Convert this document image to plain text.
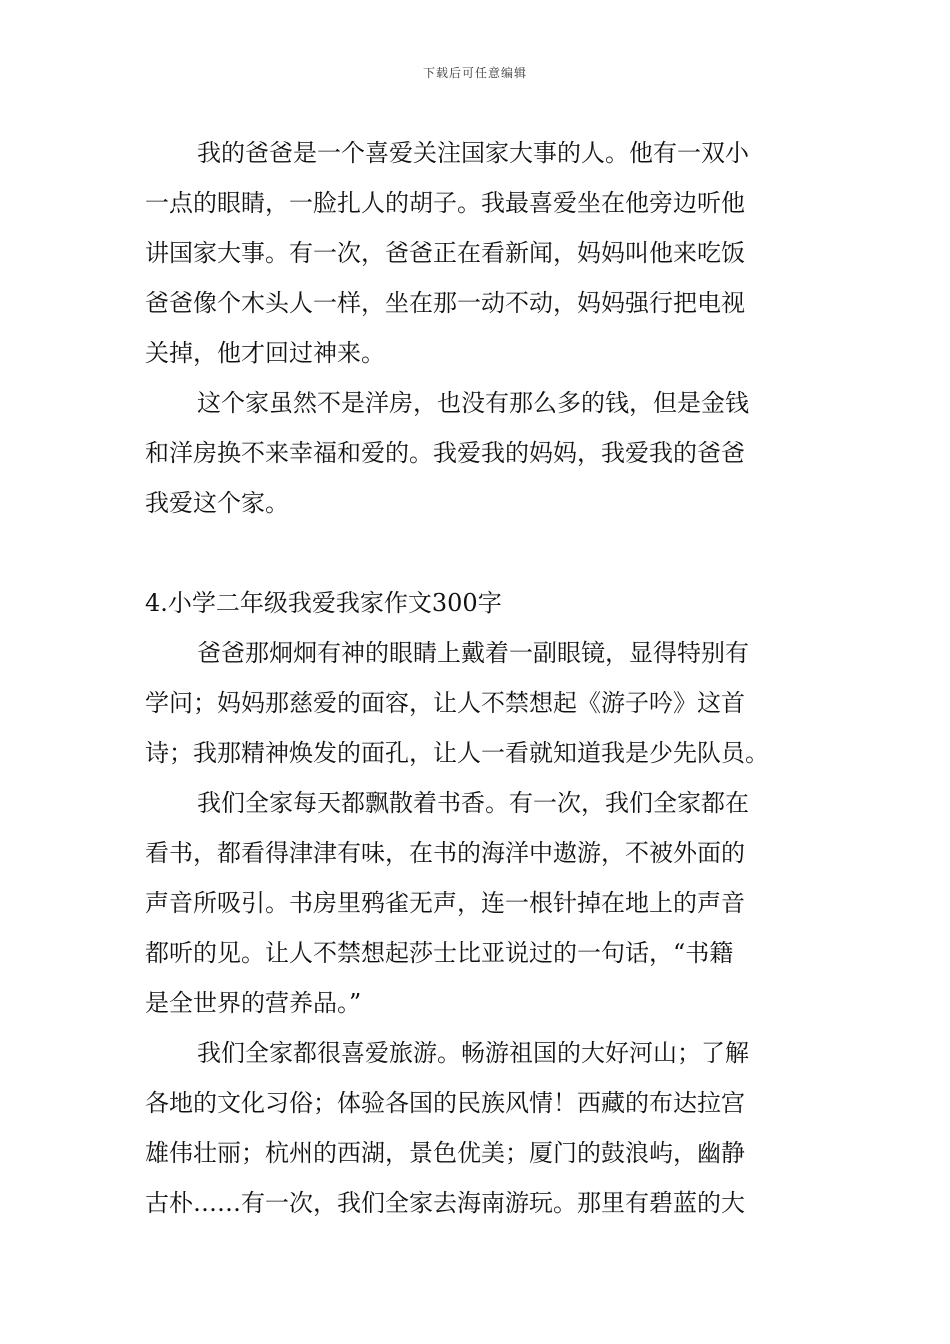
下载后可任意编辑

我的爸爸是一个喜爱关注国家大事的人。他有一双小
一点的眼睛，一脸扎人的胡子。我最喜爱坐在他旁边听他
讲国家大事。有一次，爸爸正在看新闻，妈妈叫他来吃饭
爸爸像个木头人一样，坐在那一动不动，妈妈强行把电视
关掉，他才回过神来。

这个家虽然不是洋房，也没有那么多的钱，但是金钱
和洋房换不来幸福和爱的。我爱我的妈妈，我爱我的爸爸
我爱这个家。

4.小学二年级我爱我家作文300字

爸爸那炯炯有神的眼睛上戴着一副眼镜，显得特别有
学问；妈妈那慈爱的面容，让人不禁想起《游子吟》这首
诗；我那精神焕发的面孔，让人一看就知道我是少先队员。

我们全家每天都飘散着书香。有一次，我们全家都在
看书，都看得津津有味，在书的海洋中遨游，不被外面的
声音所吸引。书房里鸦雀无声，连一根针掉在地上的声音
都听的见。让人不禁想起莎士比亚说过的一句话，“书籍
是全世界的营养品。”

我们全家都很喜爱旅游。畅游祖国的大好河山；了解
各地的文化习俗；体验各国的民族风情！西藏的布达拉宫
雄伟壮丽；杭州的西湖，景色优美；厦门的鼓浪屿，幽静
古朴……有一次，我们全家去海南游玩。那里有碧蓝的大
